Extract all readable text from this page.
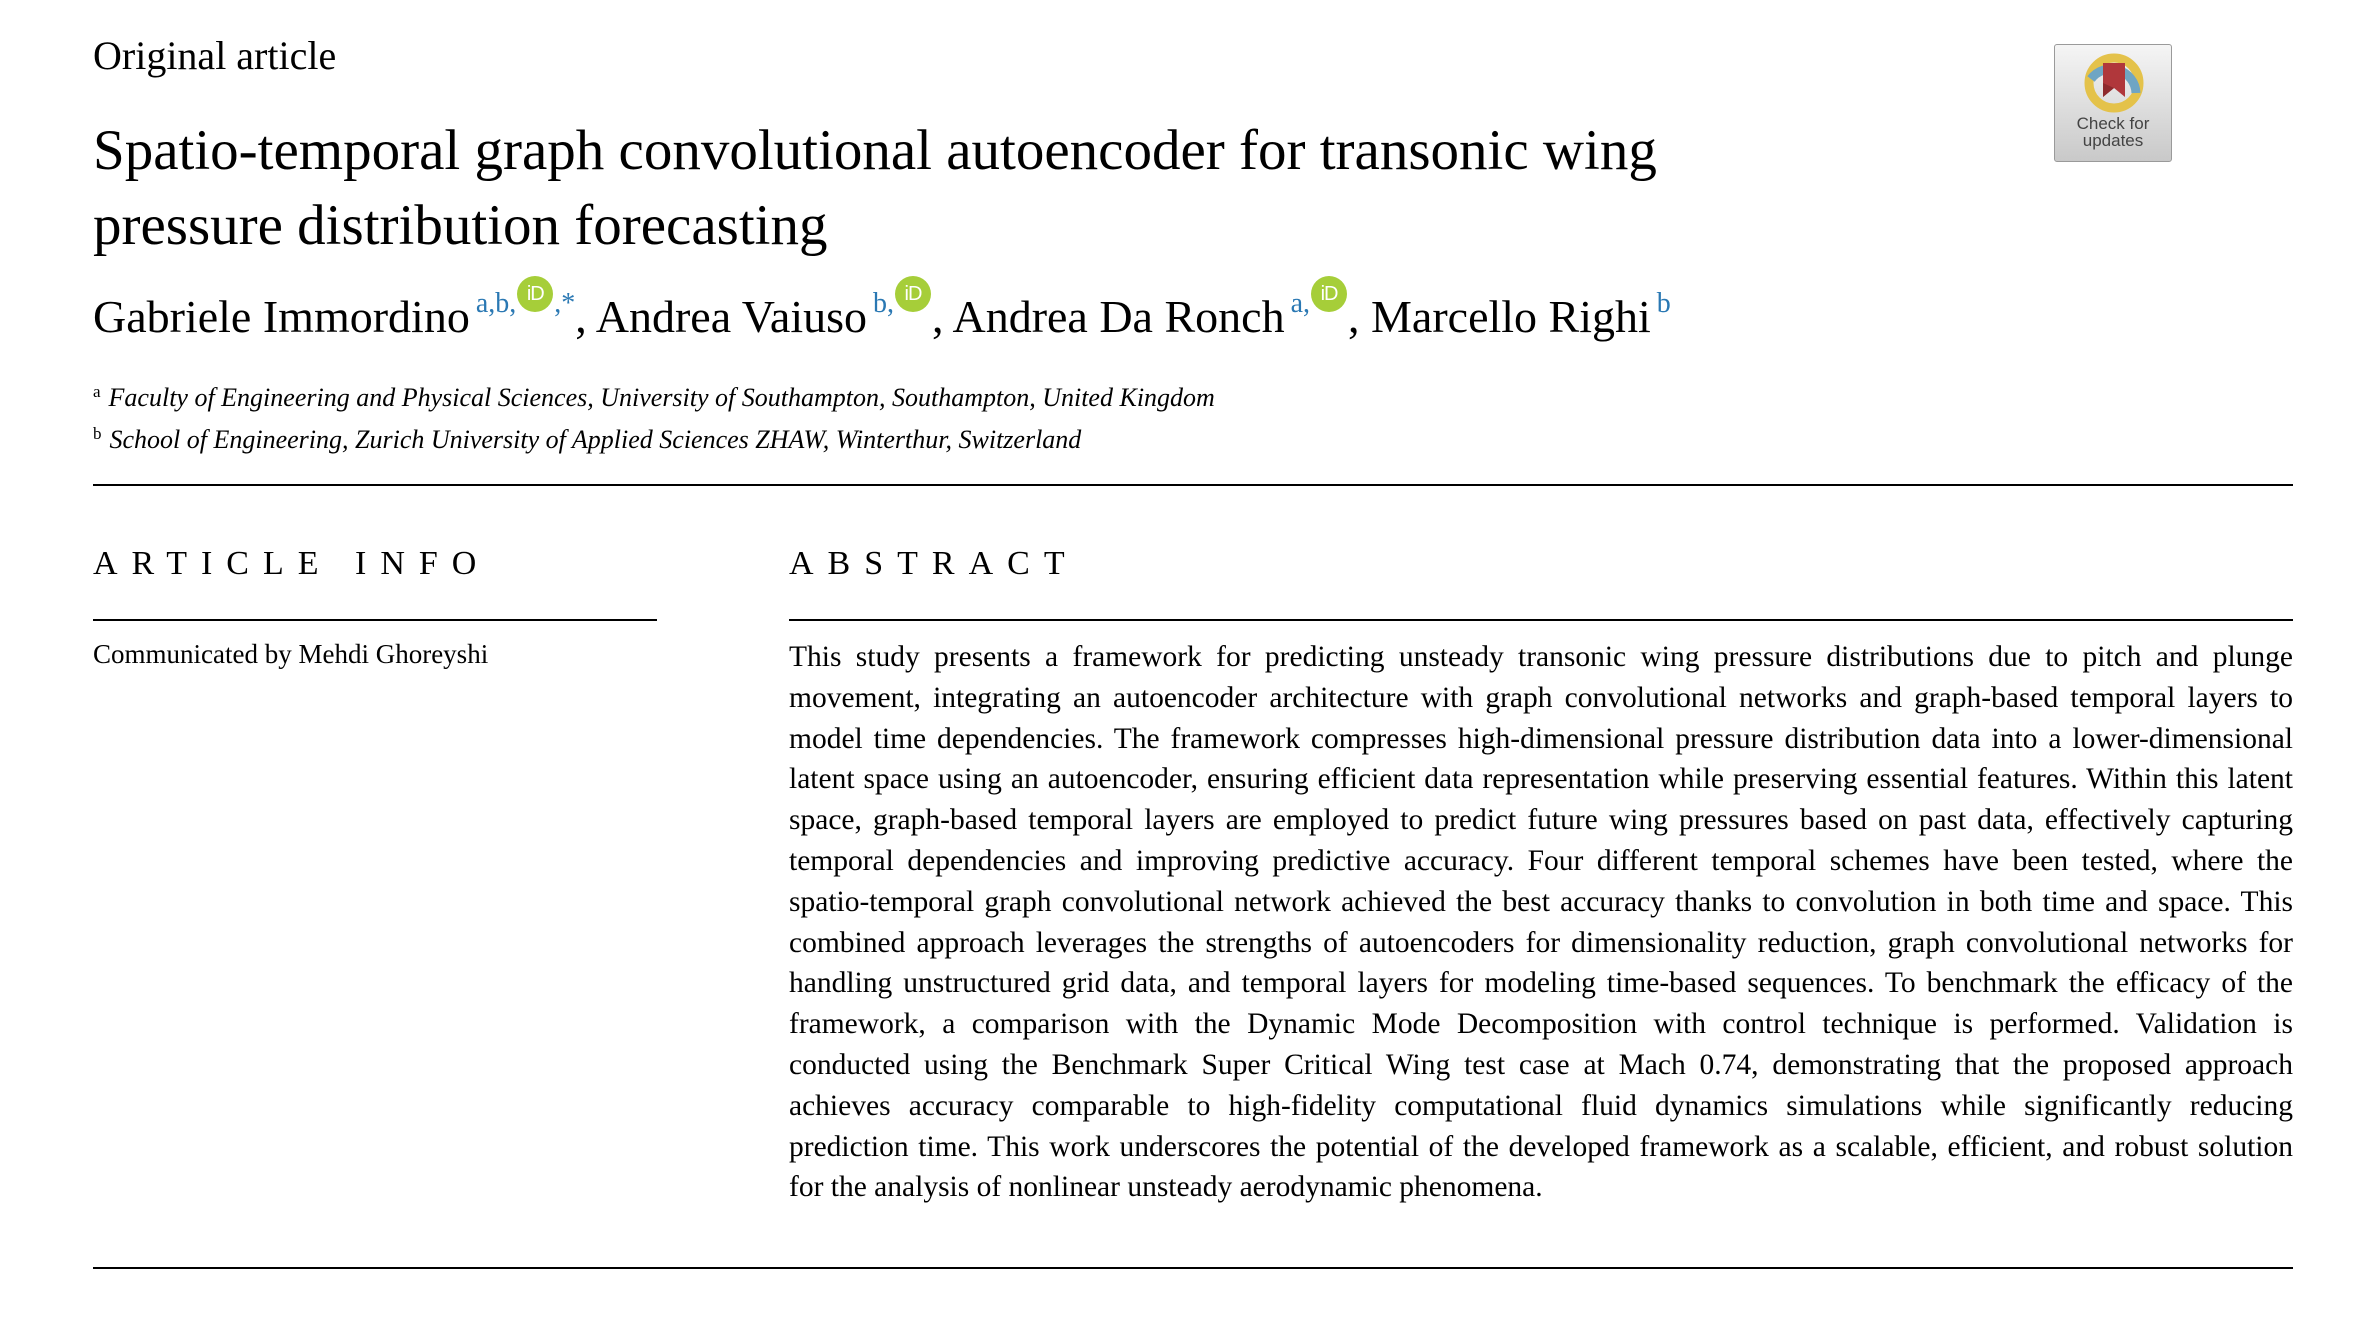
Original article
Spatio-temporal graph convolutional autoencoder for transonic wing pressure distribution forecasting
Check for
updates
Gabriele Immordino $^{a,b,}$ iD ,*, Andrea Vaiuso $^{b,}$ iD , Andrea Da Ronch $^{a,}$ iD , Marcello Righi $^b$
$^a$ Faculty of Engineering and Physical Sciences, University of Southampton, Southampton, United Kingdom
$^b$ School of Engineering, Zurich University of Applied Sciences ZHAW, Winterthur, Switzerland
ARTICLE INFO	ABSTRACT
Communicated by Mehdi Ghoreyshi	This study presents a framework for predicting unsteady transonic wing pressure distributions due to pitch and plunge movement, integrating an autoencoder architecture with graph convolutional networks and graph-based temporal layers to model time dependencies. The framework compresses high-dimensional pressure distribution data into a lower-dimensional latent space using an autoencoder, ensuring efficient data representation while preserving essential features. Within this latent space, graph-based temporal layers are employed to predict future wing pressures based on past data, effectively capturing temporal dependencies and improving predictive accuracy. Four different temporal schemes have been tested, where the spatio-temporal graph convolutional network achieved the best accuracy thanks to convolution in both time and space. This combined approach leverages the strengths of autoencoders for dimensionality reduction, graph convolutional networks for handling unstructured grid data, and temporal layers for modeling time-based sequences. To benchmark the efficacy of the framework, a comparison with the Dynamic Mode Decomposition with control technique is performed. Validation is conducted using the Benchmark Super Critical Wing test case at Mach 0.74, demonstrating that the proposed approach achieves accuracy comparable to high-fidelity computational fluid dynamics simulations while significantly reducing prediction time. This work underscores the potential of the developed framework as a scalable, efficient, and robust solution for the analysis of nonlinear unsteady aerodynamic phenomena.
